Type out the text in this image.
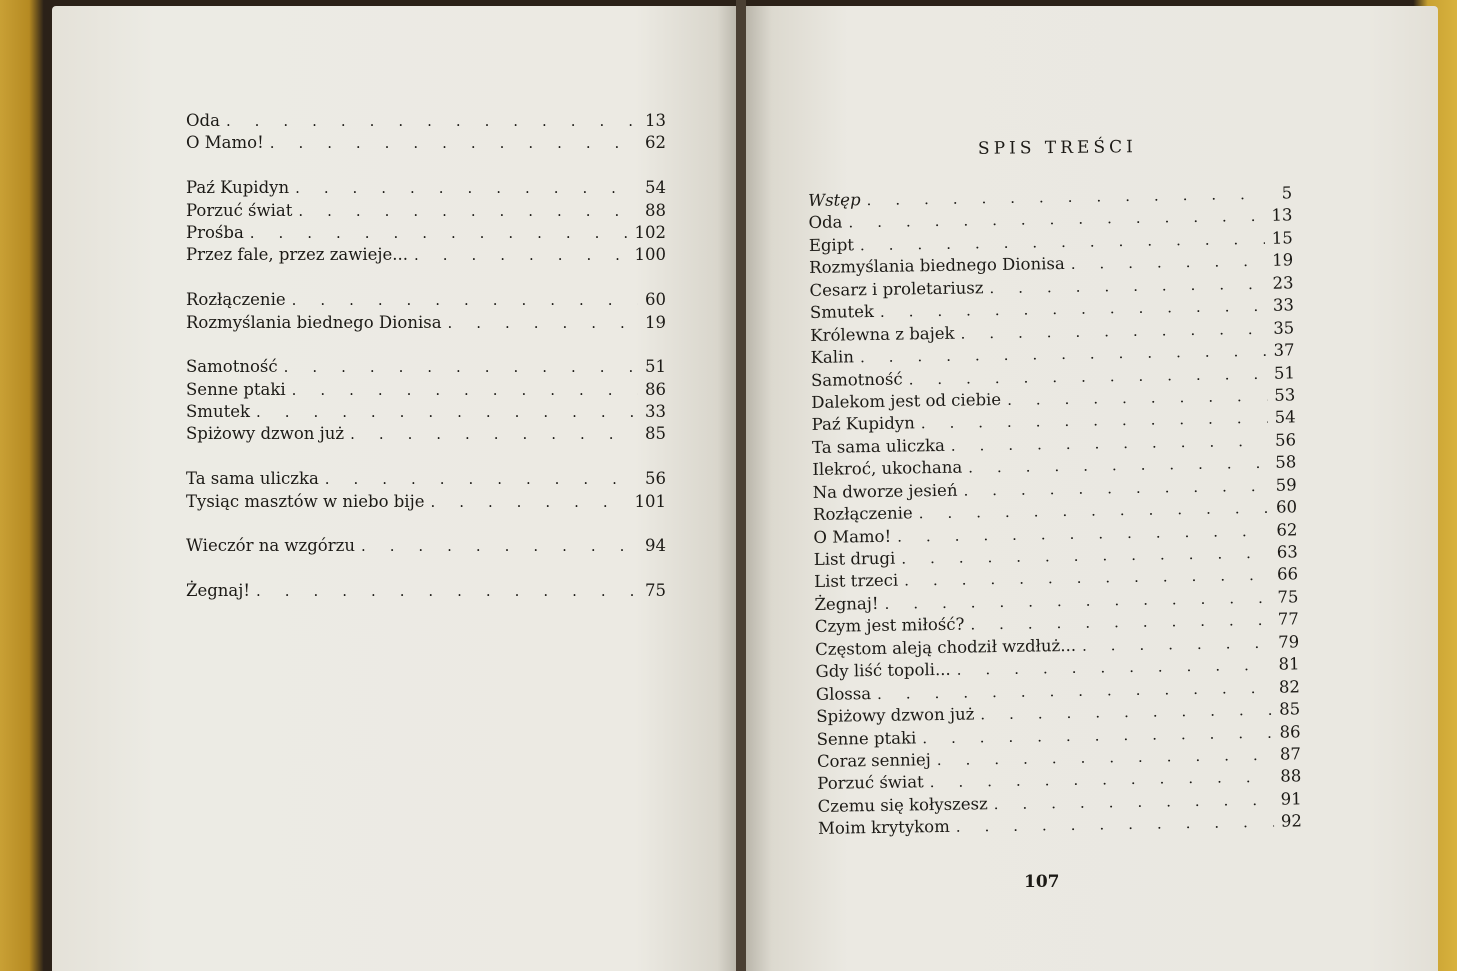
Oda . . .	13
O Mamo! . . .	62
Paź Kupidyn . . .	54
Porzuć świat . . .	88
Prośba . . .	102
Przez fale, przez zawieje... . . .	100
Rozłączenie . . .	60
Rozmyślania biednego Dionisa . . .	19
Samotność . . .	51
Senne ptaki . . .	86
Smutek . . .	33
Spiżowy dzwon już . . .	85
Ta sama uliczka . . .	56
Tysiąc masztów w niebo bije . . .	101
Wieczór na wzgórzu . . .	94
Żegnaj! . . .	75
SPIS TREŚCI
Wstęp . . .	5
Oda . . .	13
Egipt . . .	15
Rozmyślania biednego Dionisa . . .	19
Cesarz i proletariusz . . .	23
Smutek . . .	33
Królewna z bajek . . .	35
Kalin . . .	37
Samotność . . .	51
Dalekom jest od ciebie . . .	53
Paź Kupidyn . . .	54
Ta sama uliczka . . .	56
Ilekroć, ukochana . . .	58
Na dworze jesień . . .	59
Rozłączenie . . .	60
O Mamo! . . .	62
List drugi . . .	63
List trzeci . . .	66
Żegnaj! . . .	75
Czym jest miłość? . . .	77
Częstom aleją chodził wzdłuż... . . .	79
Gdy liść topoli... . . .	81
Glossa . . .	82
Spiżowy dzwon już . . .	85
Senne ptaki . . .	86
Coraz senniej . . .	87
Porzuć świat . . .	88
Czemu się kołyszesz . . .	91
Moim krytykom . . .	92
107
